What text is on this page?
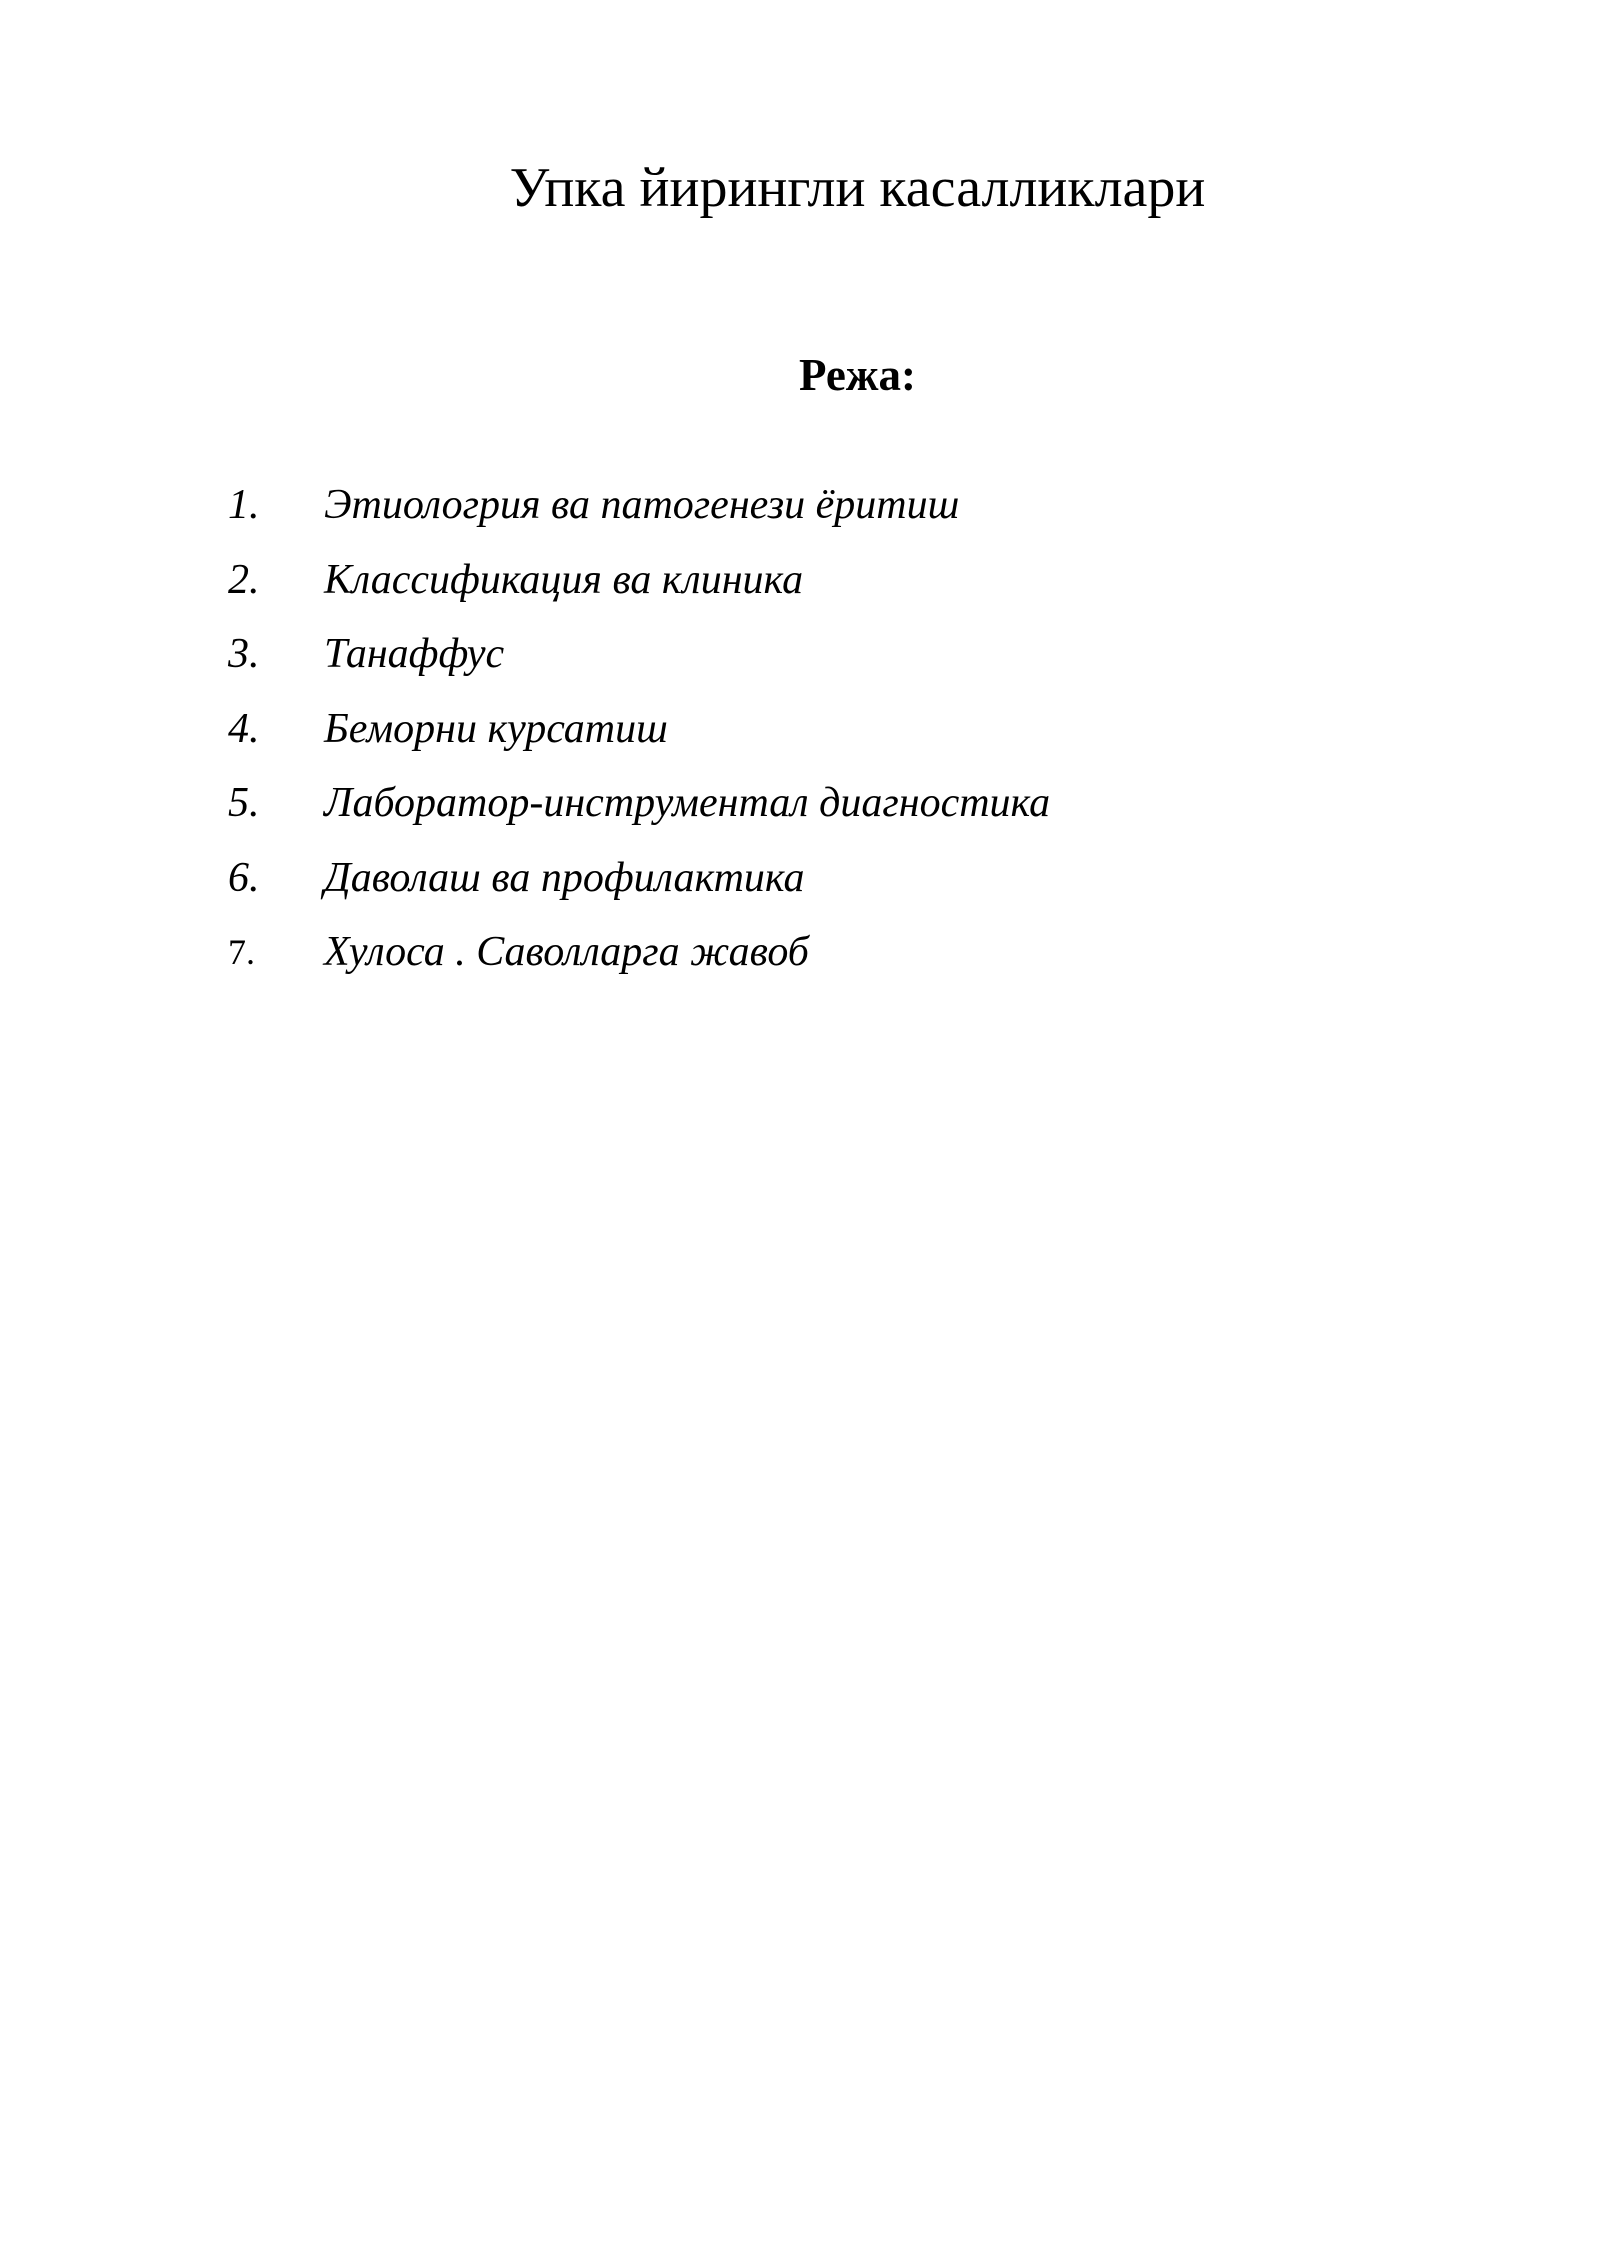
Упка йирингли касалликлари
Режа:
1.	Этиологрия ва патогенези ёритиш
2.	Классификация ва клиника
3.	Танаффус
4.	Беморни курсатиш
5.	Лаборатор-инструментал диагностика
6.	Даволаш ва профилактика
7.	Хулоса . Саволларга жавоб
